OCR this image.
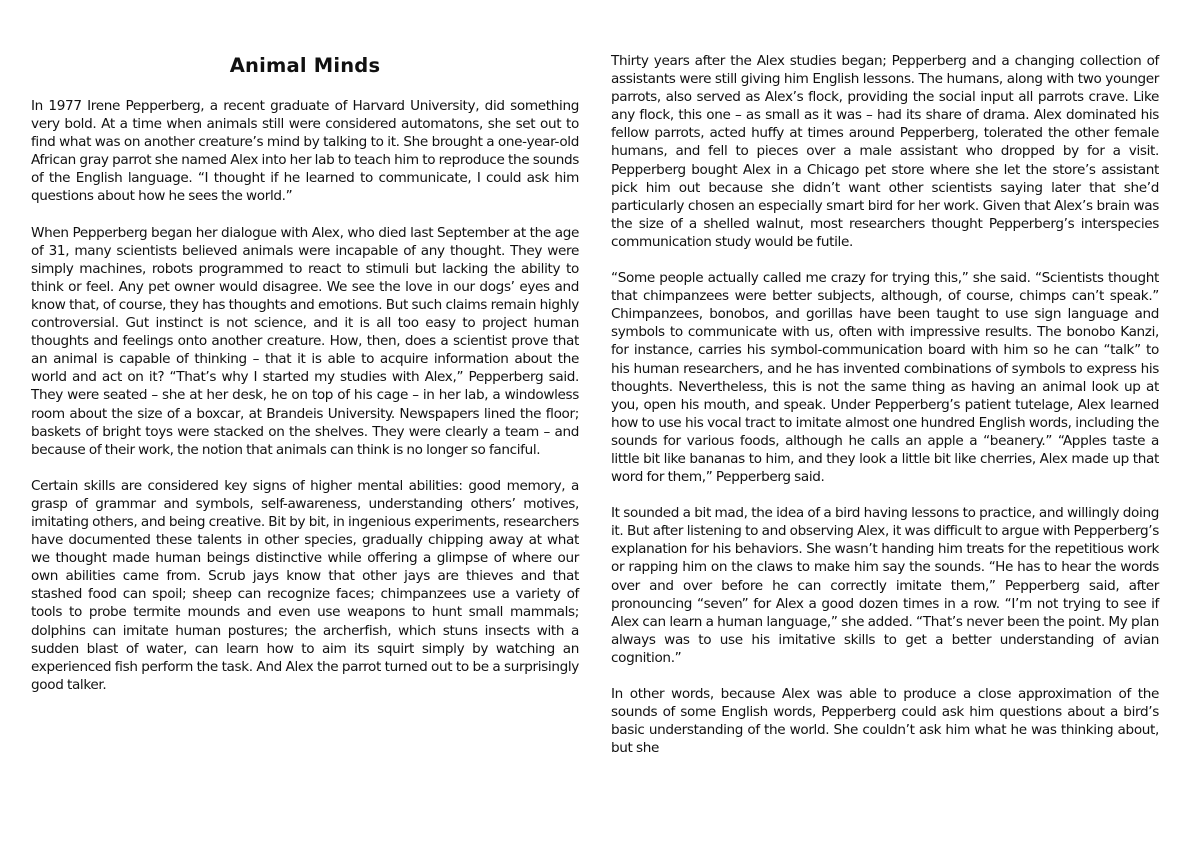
Animal Minds

In 1977 Irene Pepperberg, a recent graduate of Harvard University, did something very bold. At a time when animals still were considered automatons, she set out to find what was on another creature’s mind by talking to it. She brought a one-year-old African gray parrot she named Alex into her lab to teach him to reproduce the sounds of the English language. “I thought if he learned to communicate, I could ask him questions about how he sees the world.”

When Pepperberg began her dialogue with Alex, who died last September at the age of 31, many scientists believed animals were incapable of any thought. They were simply machines, robots programmed to react to stimuli but lacking the ability to think or feel. Any pet owner would disagree. We see the love in our dogs’ eyes and know that, of course, they has thoughts and emotions. But such claims remain highly controversial. Gut instinct is not science, and it is all too easy to project human thoughts and feelings onto another creature. How, then, does a scientist prove that an animal is capable of thinking – that it is able to acquire information about the world and act on it? “That’s why I started my studies with Alex,” Pepperberg said. They were seated – she at her desk, he on top of his cage – in her lab, a windowless room about the size of a boxcar, at Brandeis University. Newspapers lined the floor; baskets of bright toys were stacked on the shelves. They were clearly a team – and because of their work, the notion that animals can think is no longer so fanciful.

Certain skills are considered key signs of higher mental abilities: good memory, a grasp of grammar and symbols, self-awareness, understanding others’ motives, imitating others, and being creative. Bit by bit, in ingenious experiments, researchers have documented these talents in other species, gradually chipping away at what we thought made human beings distinctive while offering a glimpse of where our own abilities came from. Scrub jays know that other jays are thieves and that stashed food can spoil; sheep can recognize faces; chimpanzees use a variety of tools to probe termite mounds and even use weapons to hunt small mammals; dolphins can imitate human postures; the archerfish, which stuns insects with a sudden blast of water, can learn how to aim its squirt simply by watching an experienced fish perform the task. And Alex the parrot turned out to be a surprisingly good talker.

Thirty years after the Alex studies began; Pepperberg and a changing collection of assistants were still giving him English lessons. The humans, along with two younger parrots, also served as Alex’s flock, providing the social input all parrots crave. Like any flock, this one – as small as it was – had its share of drama. Alex dominated his fellow parrots, acted huffy at times around Pepperberg, tolerated the other female humans, and fell to pieces over a male assistant who dropped by for a visit. Pepperberg bought Alex in a Chicago pet store where she let the store’s assistant pick him out because she didn’t want other scientists saying later that she’d particularly chosen an especially smart bird for her work. Given that Alex’s brain was the size of a shelled walnut, most researchers thought Pepperberg’s interspecies communication study would be futile.

“Some people actually called me crazy for trying this,” she said. “Scientists thought that chimpanzees were better subjects, although, of course, chimps can’t speak.” Chimpanzees, bonobos, and gorillas have been taught to use sign language and symbols to communicate with us, often with impressive results. The bonobo Kanzi, for instance, carries his symbol-communication board with him so he can “talk” to his human researchers, and he has invented combinations of symbols to express his thoughts. Nevertheless, this is not the same thing as having an animal look up at you, open his mouth, and speak. Under Pepperberg’s patient tutelage, Alex learned how to use his vocal tract to imitate almost one hundred English words, including the sounds for various foods, although he calls an apple a “beanery.” “Apples taste a little bit like bananas to him, and they look a little bit like cherries, Alex made up that word for them,” Pepperberg said.

It sounded a bit mad, the idea of a bird having lessons to practice, and willingly doing it. But after listening to and observing Alex, it was difficult to argue with Pepperberg’s explanation for his behaviors. She wasn’t handing him treats for the repetitious work or rapping him on the claws to make him say the sounds. “He has to hear the words over and over before he can correctly imitate them,” Pepperberg said, after pronouncing “seven” for Alex a good dozen times in a row. “I’m not trying to see if Alex can learn a human language,” she added. “That’s never been the point. My plan always was to use his imitative skills to get a better understanding of avian cognition.”

In other words, because Alex was able to produce a close approximation of the sounds of some English words, Pepperberg could ask him questions about a bird’s basic understanding of the world. She couldn’t ask him what he was thinking about, but she
